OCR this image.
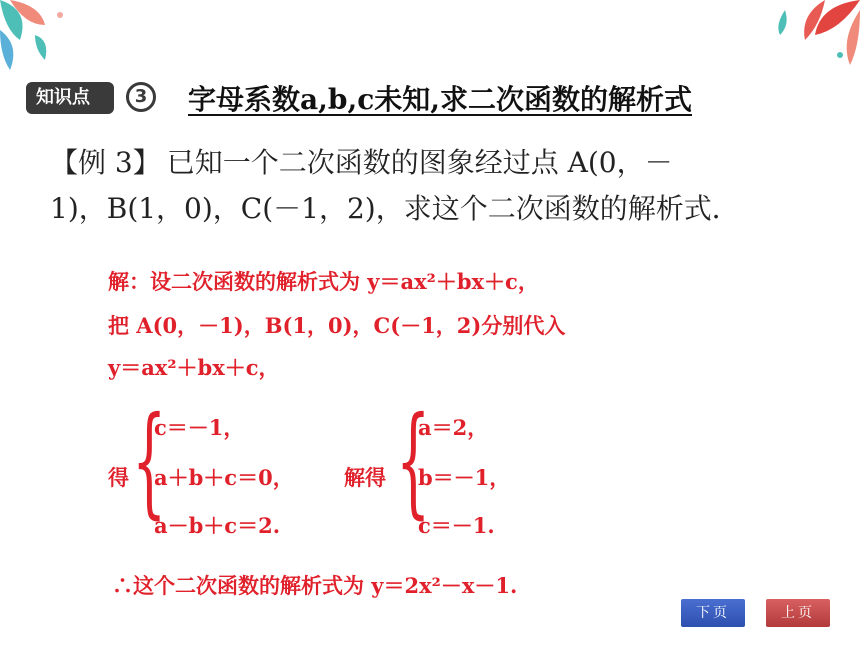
知识点	3	字母系数a,b,c未知,求二次函数的解析式
【例 3】 已知一个二次函数的图象经过点 A(0，－
1)，B(1，0)，C(－1，2)，求这个二次函数的解析式．
解：设二次函数的解析式为 y＝ax²＋bx＋c，
把 A(0，－1)，B(1，0)，C(－1，2)分别代入
y＝ax²＋bx＋c，
得 {
c＝－1，
a＋b＋c＝0，
a－b＋c＝2.
解得 {
a＝2，
b＝－1，
c＝－1.
∴这个二次函数的解析式为 y＝2x²－x－1.
下页	上页
